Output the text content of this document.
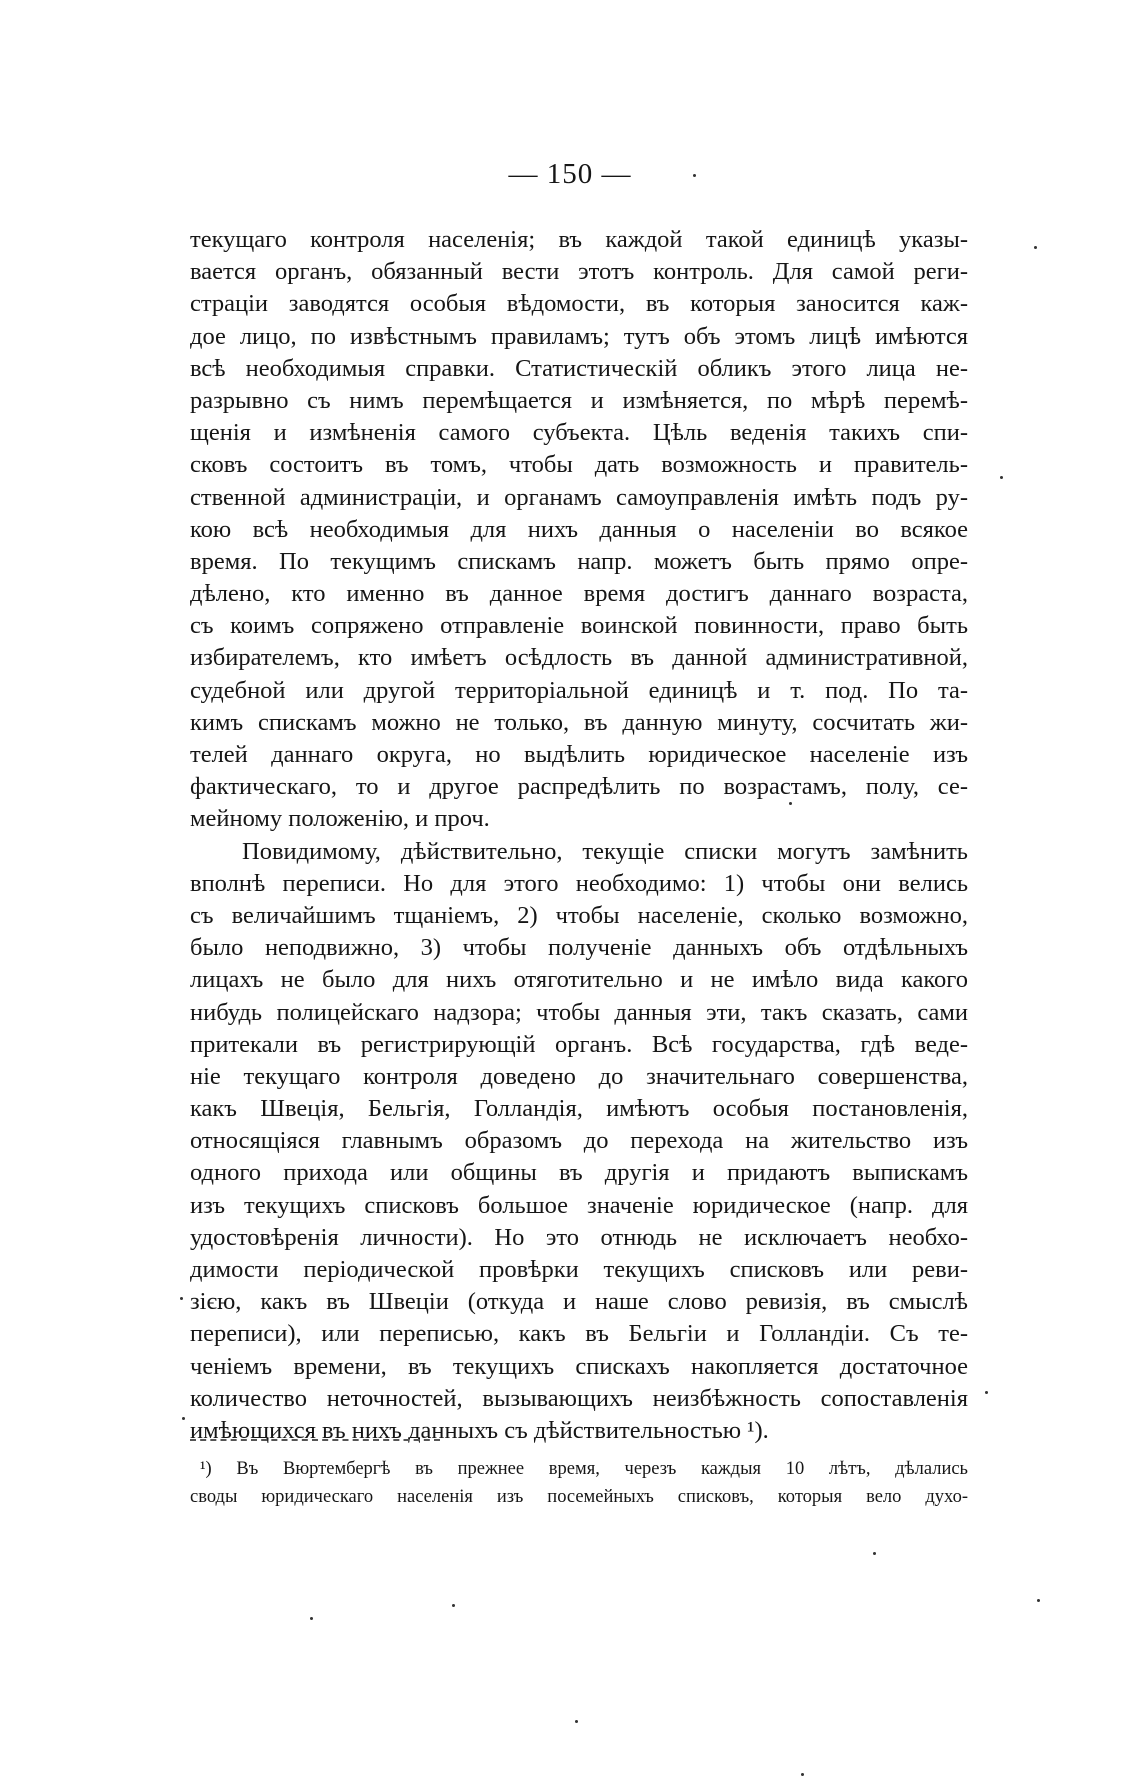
— 150 —
текущаго контроля населенія; въ каждой такой единицѣ указы-
вается органъ, обязанный вести этотъ контроль. Для самой реги-
страціи заводятся особыя вѣдомости, въ которыя заносится каж-
дое лицо, по извѣстнымъ правиламъ; тутъ объ этомъ лицѣ имѣются
всѣ необходимыя справки. Статистическій обликъ этого лица не-
разрывно съ нимъ перемѣщается и измѣняется, по мѣрѣ перемѣ-
щенія и измѣненія самого субъекта. Цѣль веденія такихъ спи-
сковъ состоитъ въ томъ, чтобы дать возможность и правитель-
ственной администраціи, и органамъ самоуправленія имѣть подъ ру-
кою всѣ необходимыя для нихъ данныя о населеніи во всякое
время. По текущимъ спискамъ напр. можетъ быть прямо опре-
дѣлено, кто именно въ данное время достигъ даннаго возраста,
съ коимъ сопряжено отправленіе воинской повинности, право быть
избирателемъ, кто имѣетъ осѣдлость въ данной административной,
судебной или другой территоріальной единицѣ и т. под. По та-
кимъ спискамъ можно не только, въ данную минуту, сосчитать жи-
телей даннаго округа, но выдѣлить юридическое населеніе изъ
фактическаго, то и другое распредѣлить по возрастамъ, полу, се-
мейному положенію, и проч.
Повидимому, дѣйствительно, текущіе списки могутъ замѣнить
вполнѣ переписи. Но для этого необходимо: 1) чтобы они велись
съ величайшимъ тщаніемъ, 2) чтобы населеніе, сколько возможно,
было неподвижно, 3) чтобы полученіе данныхъ объ отдѣльныхъ
лицахъ не было для нихъ отяготительно и не имѣло вида какого
нибудь полицейскаго надзора; чтобы данныя эти, такъ сказать, сами
притекали въ регистрирующій органъ. Всѣ государства, гдѣ веде-
ніе текущаго контроля доведено до значительнаго совершенства,
какъ Швеція, Бельгія, Голландія, имѣютъ особыя постановленія,
относящіяся главнымъ образомъ до перехода на жительство изъ
одного прихода или общины въ другія и придаютъ выпискамъ
изъ текущихъ списковъ большое значеніе юридическое (напр. для
удостовѣренія личности). Но это отнюдь не исключаетъ необхо-
димости періодической провѣрки текущихъ списковъ или реви-
зією, какъ въ Швеціи (откуда и наше слово ревизія, въ смыслѣ
переписи), или переписью, какъ въ Бельгіи и Голландіи. Съ те-
ченіемъ времени, въ текущихъ спискахъ накопляется достаточное
количество неточностей, вызывающихъ неизбѣжность сопоставленія
имѣющихся въ нихъ данныхъ съ дѣйствительностью ¹).
¹) Въ Вюртембергѣ въ прежнее время, черезъ каждыя 10 лѣтъ, дѣлались
своды юридическаго населенія изъ посемейныхъ списковъ, которыя вело духо-
